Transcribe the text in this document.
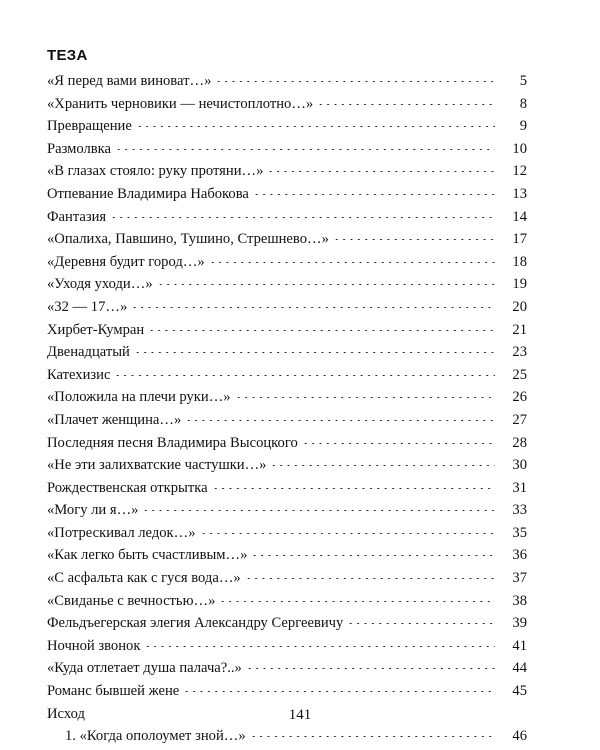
ТЕЗА
«Я перед вами виноват…»	5
«Хранить черновики — нечистоплотно…»	8
Превращение	9
Размолвка	10
«В глазах стояло: руку протяни…»	12
Отпевание Владимира Набокова	13
Фантазия	14
«Опалиха, Павшино, Тушино, Стрешнево…»	17
«Деревня будит город…»	18
«Уходя уходи…»	19
«32 — 17…»	20
Хирбет-Кумран	21
Двенадцатый	23
Катехизис	25
«Положила на плечи руки…»	26
«Плачет женщина…»	27
Последняя песня Владимира Высоцкого	28
«Не эти залихватские частушки…»	30
Рождественская открытка	31
«Могу ли я…»	33
«Потрескивал ледок…»	35
«Как легко быть счастливым…»	36
«С асфальта как с гуся вода…»	37
«Свиданье с вечностью…»	38
Фельдъегерская элегия Александру Сергеевичу	39
Ночной звонок	41
«Куда отлетает душа палача?..»	44
Романс бывшей жене	45
Исход
1. «Когда ополоумет зной…»	46
141
